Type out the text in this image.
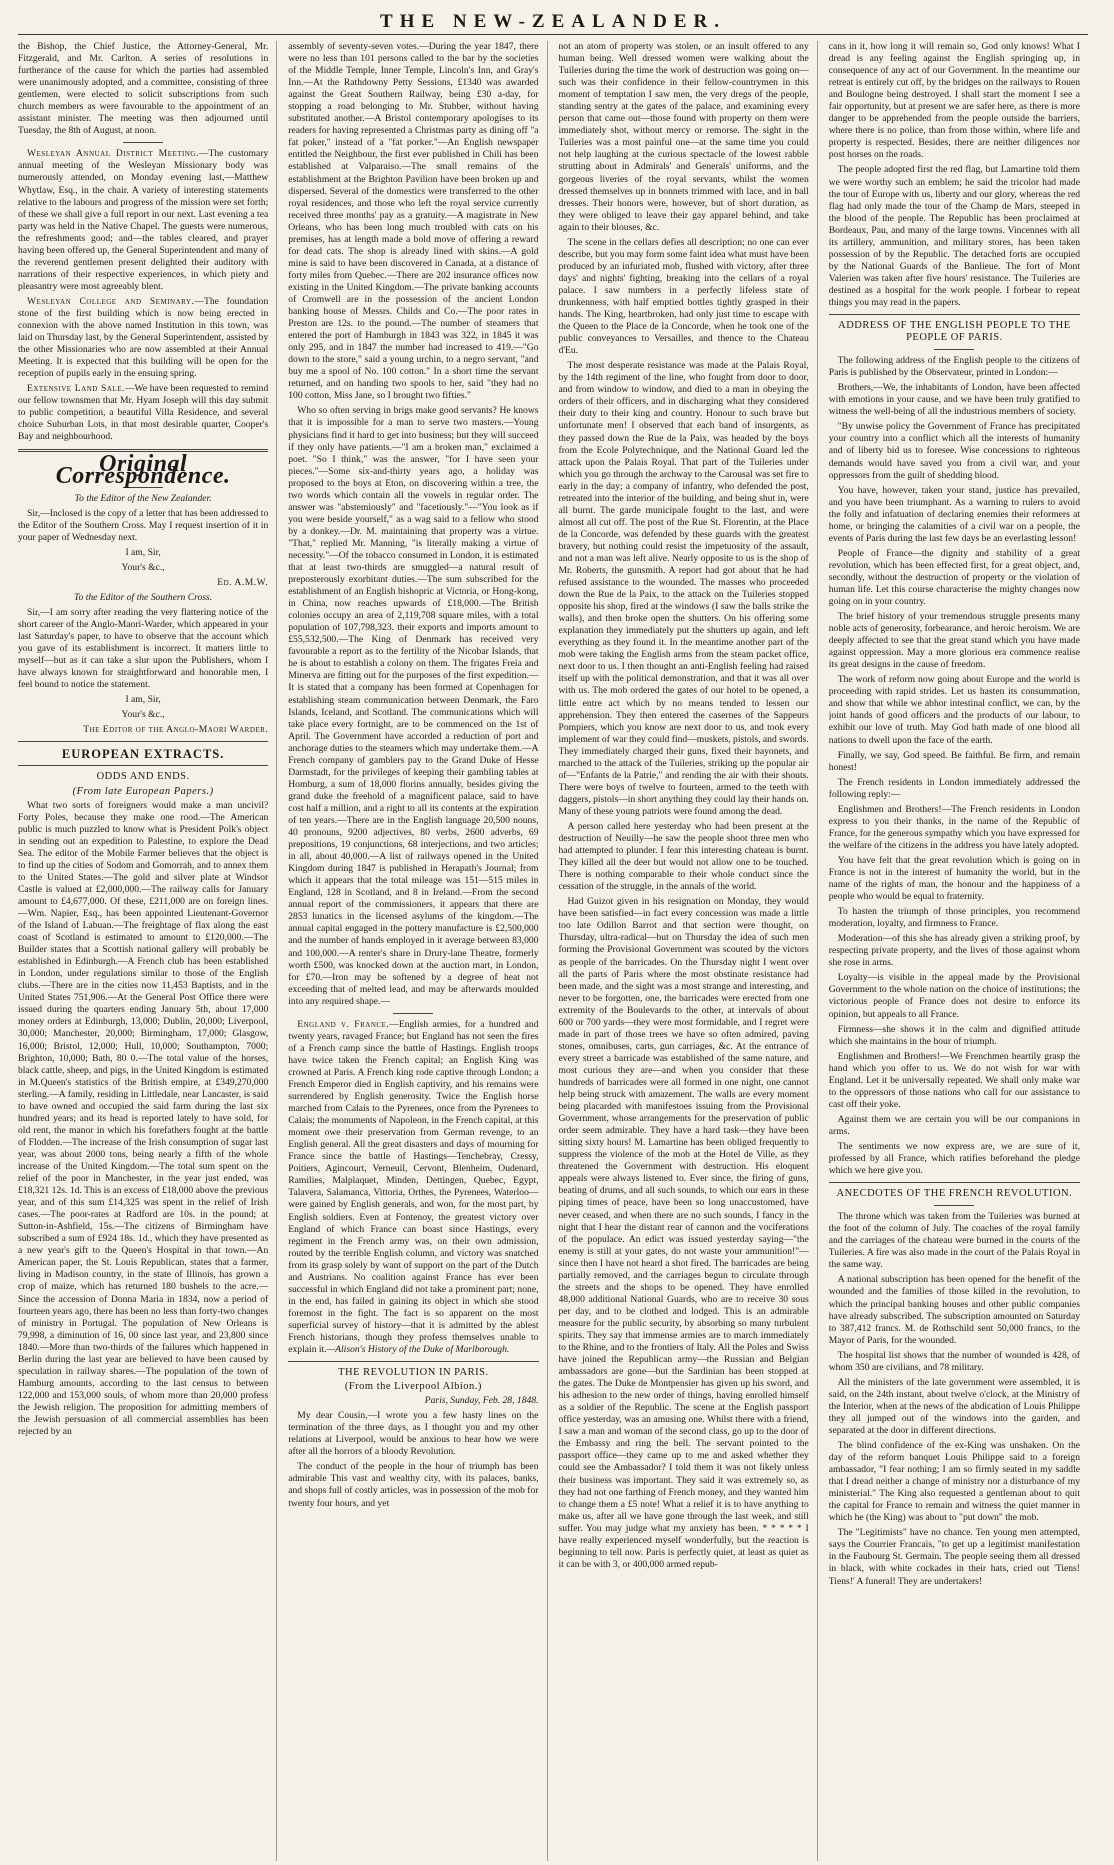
THE NEW-ZEALANDER.

the Bishop, the Chief Justice, the Attorney-General, Mr. Fitzgerald, and Mr. Carlton. A series of resolutions in furtherance of the cause for which the parties had assembled were unanimously adopted, and a committee, consisting of three gentlemen, were elected to solicit subscriptions from such church members as were favourable to the appointment of an assistant minister. The meeting was then adjourned until Tuesday, the 8th of August, at noon.

Wesleyan Annual District Meeting.—The customary annual meeting of the Wesleyan Missionary body was numerously attended, on Monday evening last,—Matthew Whytlaw, Esq., in the chair. A variety of interesting statements relative to the labours and progress of the mission were set forth; of these we shall give a full report in our next. Last evening a tea party was held in the Native Chapel. The guests were numerous, the refreshments good; and—the tables cleared, and prayer having been offered up, the General Superintendent and many of the reverend gentlemen present delighted their auditory with narrations of their respective experiences, in which piety and pleasantry were most agreeably blent.

Wesleyan College and Seminary.—The foundation stone of the first building which is now being erected in connexion with the above named Institution in this town, was laid on Thursday last, by the General Superintendent, assisted by the other Missionaries who are now assembled at their Annual Meeting. It is expected that this building will be open for the reception of pupils early in the ensuing spring.

Extensive Land Sale.—We have been requested to remind our fellow townsmen that Mr. Hyam Joseph will this day submit to public competition, a beautiful Villa Residence, and several choice Suburban Lots, in that most desirable quarter, Cooper's Bay and neighbourhood.

Original Correspondence.

To the Editor of the New Zealander.

Sir,—Inclosed is the copy of a letter that has been addressed to the Editor of the Southern Cross. May I request insertion of it in your paper of Wednesday next.

I am, Sir,

Your's &c.,

Ed. A.M.W.

To the Editor of the Southern Cross.

Sir,—I am sorry after reading the very flattering notice of the short career of the Anglo-Maori-Warder, which appeared in your last Saturday's paper, to have to observe that the account which you gave of its establishment is incorrect. It matters little to myself—but as it can take a slur upon the Publishers, whom I have always known for straightforward and honorable men, I feel bound to notice the statement.

I am, Sir,

Your's &c.,

The Editor of the Anglo-Maori Warder.

EUROPEAN EXTRACTS.
ODDS AND ENDS.
(From late European Papers.)

What two sorts of foreigners would make a man uncivil? Forty Poles, because they make one rood.—The American public is much puzzled to know what is President Polk's object in sending out an expedition to Palestine, to explore the Dead Sea. The editor of the Mobile Farmer believes that the object is to find up the cities of Sodom and Gomorrah, and to annex them to the United States.—The gold and silver plate at Windsor Castle is valued at £2,000,000.—The railway calls for January amount to £4,677,000. Of these, £211,000 are on foreign lines.—Wm. Napier, Esq., has been appointed Lieutenant-Governor of the Island of Labuan.—The freightage of flax along the east coast of Scotland is estimated to amount to £120,000.—The Builder states that a Scottish national gallery will probably be established in Edinburgh.—A French club has been established in London, under regulations similar to those of the English clubs.—There are in the cities now 11,453 Baptists, and in the United States 751,906.—At the General Post Office there were issued during the quarters ending January 5th, about 17,000 money orders at Edinburgh, 13,000; Dublin, 20,000; Liverpool, 30,000; Manchester, 20,000; Birmingham, 17,000; Glasgow, 16,000; Bristol, 12,000; Hull, 10,000; Southampton, 7000; Brighton, 10,000; Bath, 80 0.—The total value of the horses, black cattle, sheep, and pigs, in the United Kingdom is estimated in M.Queen's statistics of the British empire, at £349,270,000 sterling.—A family, residing in Littledale, near Lancaster, is said to have owned and occupied the said farm during the last six hundred years; and its head is reported lately to have sold, for old rent, the manor in which his forefathers fought at the battle of Flodden.—The increase of the Irish consumption of sugar last year, was about 2000 tons, being nearly a fifth of the whole increase of the United Kingdom.—The total sum spent on the relief of the poor in Manchester, in the year just ended, was £18,321 12s. 1d. This is an excess of £18,000 above the previous year, and of this sum £14,325 was spent in the relief of Irish cases.—The poor-rates at Radford are 10s. in the pound; at Sutton-in-Ashfield, 15s.—The citizens of Birmingham have subscribed a sum of £924 18s. 1d., which they have presented as a new year's gift to the Queen's Hospital in that town.—An American paper, the St. Louis Republican, states that a farmer, living in Madison country, in the state of Illinois, has grown a crop of maize, which has returned 180 bushels to the acre.—Since the accession of Donna Maria in 1834, now a period of fourteen years ago, there has been no less than forty-two changes of ministry in Portugal. The population of New Orleans is 79,998, a diminution of 16, 00 since last year, and 23,800 since 1840.—More than two-thirds of the failures which happened in Berlin during the last year are believed to have been caused by speculation in railway shares.—The population of the town of Hamburg amounts, according to the last census to between 122,000 and 153,000 souls, of whom more than 20,000 profess the Jewish religion. The proposition for admitting members of the Jewish persuasion of all commercial assemblies has been rejected by an

assembly of seventy-seven votes.—During the year 1847, there were no less than 101 persons called to the bar by the societies of the Middle Temple, Inner Temple, Lincoln's Inn, and Gray's Inn.—At the Rathdowny Petty Sessions, £1340 was awarded against the Great Southern Railway, being £30 a-day, for stopping a road belonging to Mr. Stubber, without having substituted another.—A Bristol contemporary apologises to its readers for having represented a Christmas party as dining off "a fat poker," instead of a "fat porker."—An English newspaper entitled the Neighbour, the first ever published in Chili has been established at Valparaiso.—The small remains of the establishment at the Brighton Pavilion have been broken up and dispersed. Several of the domestics were transferred to the other royal residences, and those who left the royal service currently received three months' pay as a gratuity.—A magistrate in New Orleans, who has been long much troubled with cats on his premises, has at length made a bold move of offering a reward for dead cats. The shop is already lined with skins.—A gold mine is said to have been discovered in Canada, at a distance of forty miles from Quebec.—There are 202 insurance offices now existing in the United Kingdom.—The private banking accounts of Cromwell are in the possession of the ancient London banking house of Messrs. Childs and Co.—The poor rates in Preston are 12s. to the pound.—The number of steamers that entered the port of Hamburgh in 1843 was 322, in 1845 it was only 295, and in 1847 the number had increased to 419.—"Go down to the store," said a young urchin, to a negro servant, "and buy me a spool of No. 100 cotton." In a short time the servant returned, and on handing two spools to her, said "they had no 100 cotton, Miss Jane, so I brought two fifties."

Who so often serving in brigs make good servants? He knows that it is impossible for a man to serve two masters.—Young physicians find it hard to get into business; but they will succeed if they only have patients.—"I am a broken man," exclaimed a poet. "So I think," was the answer, "for I have seen your pieces."—Some six-and-thirty years ago, a holiday was proposed to the boys at Eton, on discovering within a tree, the two words which contain all the vowels in regular order. The answer was "abstemiously" and "facetiously."—"You look as if you were beside yourself," as a wag said to a fellow who stood by a donkey.—Dr. M. maintaining that property was a virtue. "That," replied Mr. Manning, "is literally making a virtue of necessity."—Of the tobacco consumed in London, it is estimated that at least two-thirds are smuggled—a natural result of preposterously exorbitant duties.—The sum subscribed for the establishment of an English bishopric at Victoria, or Hong-kong, in China, now reaches upwards of £18,000.—The British colonies occupy an area of 2,119,708 square miles, with a total population of 107,798,323. their exports and imports amount to £55,532,500.—The King of Denmark has received very favourable a report as to the fertility of the Nicobar Islands, that he is about to establish a colony on them. The frigates Freia and Minerva are fitting out for the purposes of the first expedition.—It is stated that a company has been formed at Copenhagen for establishing steam communication between Denmark, the Faro Islands, Iceland, and Scotland. The communications which will take place every fortnight, are to be commenced on the 1st of April. The Government have accorded a reduction of port and anchorage duties to the steamers which may undertake them.—A French company of gamblers pay to the Grand Duke of Hesse Darmstadt, for the privileges of keeping their gambling tables at Homburg, a sum of 18,000 florins annually, besides giving the grand duke the freehold of a magnificent palace, said to have cost half a million, and a right to all its contents at the expiration of ten years.—There are in the English language 20,500 nouns, 40 pronouns, 9200 adjectives, 80 verbs, 2600 adverbs, 69 prepositions, 19 conjunctions, 68 interjections, and two articles; in all, about 40,000.—A list of railways opened in the United Kingdom during 1847 is published in Herapath's Journal; from which it appears that the total mileage was 151—515 miles in England, 128 in Scotland, and 8 in Ireland.—From the second annual report of the commissioners, it appears that there are 2853 lunatics in the licensed asylums of the kingdom.—The annual capital engaged in the pottery manufacture is £2,500,000 and the number of hands employed in it average between 83,000 and 100,000.—A renter's share in Drury-lane Theatre, formerly worth £500, was knocked down at the auction mart, in London, for £70.—Iron may be softened by a degree of heat not exceeding that of melted lead, and may be afterwards moulded into any required shape.—

England v. France.—English armies, for a hundred and twenty years, ravaged France; but England has not seen the fires of a French camp since the battle of Hastings. English troops have twice taken the French capital; an English King was crowned at Paris. A French king rode captive through London; a French Emperor died in English captivity, and his remains were surrendered by English generosity. Twice the English horse marched from Calais to the Pyrenees, once from the Pyrenees to Calais; the monuments of Napoleon, in the French capital, at this moment owe their preservation from German revenge, to an English general. All the great disasters and days of mourning for France since the battle of Hastings—Tenchebray, Cressy, Poitiers, Agincourt, Verneuil, Cervont, Blenheim, Oudenard, Ramilies, Malplaquet, Minden, Dettingen, Quebec, Egypt, Talavera, Salamanca, Vittoria, Orthes, the Pyrenees, Waterloo—were gained by English generals, and won, for the most part, by English soldiers. Even at Fontenoy, the greatest victory over England of which France can boast since Hastings, every regiment in the French army was, on their own admission, routed by the terrible English column, and victory was snatched from its grasp solely by want of support on the part of the Dutch and Austrians. No coalition against France has ever been successful in which England did not take a prominent part; none, in the end, has failed in gaining its object in which she stood foremost in the fight. The fact is so apparent on the most superficial survey of history—that it is admitted by the ablest French historians, though they profess themselves unable to explain it.—Alison's History of the Duke of Marlborough.

THE REVOLUTION IN PARIS.
(From the Liverpool Albion.)

Paris, Sunday, Feb. 28, 1848.

My dear Cousin,—I wrote you a few hasty lines on the termination of the three days, as I thought you and my other relations at Liverpool, would be anxious to hear how we were after all the horrors of a bloody Revolution.

The conduct of the people in the hour of triumph has been admirable This vast and wealthy city, with its palaces, banks, and shops full of costly articles, was in possession of the mob for twenty four hours, and yet

not an atom of property was stolen, or an insult offered to any human being. Well dressed women were walking about the Tuileries during the time the work of destruction was going on—such was their confidence in their fellow-countrymen in this moment of temptation I saw men, the very dregs of the people, standing sentry at the gates of the palace, and examining every person that came out—those found with property on them were immediately shot, without mercy or remorse. The sight in the Tuileries was a most painful one—at the same time you could not help laughing at the curious spectacle of the lowest rabble strutting about in Admirals' and Generals' uniforms, and the gorgeous liveries of the royal servants, whilst the women dressed themselves up in bonnets trimmed with lace, and in ball dresses. Their honors were, however, but of short duration, as they were obliged to leave their gay apparel behind, and take again to their blouses, &c.

The scene in the cellars defies all description; no one can ever describe, but you may form some faint idea what must have been produced by an infuriated mob, flushed with victory, after three days' and nights' fighting, breaking into the cellars of a royal palace. I saw numbers in a perfectly lifeless state of drunkenness, with half emptied bottles tightly grasped in their hands. The King, heartbroken, had only just time to escape with the Queen to the Place de la Concorde, when he took one of the public conveyances to Versailles, and thence to the Chateau d'Eu.

The most desperate resistance was made at the Palais Royal, by the 14th regiment of the line, who fought from door to door, and from window to window, and died to a man in obeying the orders of their officers, and in discharging what they considered their duty to their king and country. Honour to such brave but unfortunate men! I observed that each band of insurgents, as they passed down the Rue de la Paix, was headed by the boys from the Ecole Polytechnique, and the National Guard led the attack upon the Palais Royal. That part of the Tuileries under which you go through the archway to the Carousal was set fire to early in the day; a company of infantry, who defended the post, retreated into the interior of the building, and being shut in, were all burnt. The garde municipale fought to the last, and were almost all cut off. The post of the Rue St. Florentin, at the Place de la Concorde, was defended by these guards with the greatest bravery, but nothing could resist the impetuosity of the assault, and not a man was left alive. Nearly opposite to us is the shop of Mr. Roberts, the gunsmith. A report had got about that he had refused assistance to the wounded. The masses who proceeded down the Rue de la Paix, to the attack on the Tuileries stopped opposite his shop, fired at the windows (I saw the balls strike the walls), and then broke open the shutters. On his offering some explanation they immediately put the shutters up again, and left everything as they found it. In the meantime another part of the mob were taking the English arms from the steam packet office, next door to us. I then thought an anti-English feeling had raised itself up with the political demonstration, and that it was all over with us. The mob ordered the gates of our hotel to be opened, a little entre act which by no means tended to lessen our apprehension. They then entered the casernes of the Sappeurs Pompiers, which you know are next door to us, and took every implement of war they could find—muskets, pistols, and swords. They immediately charged their guns, fixed their bayonets, and marched to the attack of the Tuileries, striking up the popular air of—"Enfants de la Patrie," and rending the air with their shouts. There were boys of twelve to fourteen, armed to the teeth with daggers, pistols—in short anything they could lay their hands on. Many of these young patriots were found among the dead.

A person called here yesterday who had been present at the destruction of Neuilly—he saw the people shoot three men who had attempted to plunder. I fear this interesting chateau is burnt. They killed all the deer but would not allow one to be touched. There is nothing comparable to their whole conduct since the cessation of the struggle, in the annals of the world.

Had Guizot given in his resignation on Monday, they would have been satisfied—in fact every concession was made a little too late Odillon Barrot and that section were thought, on Thursday, ultra-radical—but on Thursday the idea of such men forming the Provisional Government was scouted by the victors as people of the barricades. On the Thursday night I went over all the parts of Paris where the most obstinate resistance had been made, and the sight was a most strange and interesting, and never to be forgotten, one, the barricades were erected from one extremity of the Boulevards to the other, at intervals of about 600 or 700 yards—they were most formidable, and I regret were made in part of those trees we have so often admired, paving stones, omnibuses, carts, gun carriages, &c. At the entrance of every street a barricade was established of the same nature, and most curious they are—and when you consider that these hundreds of barricades were all formed in one night, one cannot help being struck with amazement. The walls are every moment being placarded with manifestoes issuing from the Provisional Government, whose arrangements for the preservation of public order seem admirable. They have a hard task—they have been sitting sixty hours! M. Lamartine has been obliged frequently to suppress the violence of the mob at the Hotel de Ville, as they threatened the Government with destruction. His eloquent appeals were always listened to. Ever since, the firing of guns, beating of drums, and all such sounds, to which our ears in these piping times of peace, have been so long unaccustomed, have never ceased, and when there are no such sounds, I fancy in the night that I hear the distant rear of cannon and the vociferations of the populace. An edict was issued yesterday saying—"the enemy is still at your gates, do not waste your ammunition!"—since then I have not heard a shot fired. The barricades are being partially removed, and the carriages begun to circulate through the streets and the shops to be opened. They have enrolled 48,000 additional National Guards, who are to receive 30 sous per day, and to be clothed and lodged. This is an admirable measure for the public security, by absorbing so many turbulent spirits. They say that immense armies are to march immediately to the Rhine, and to the frontiers of Italy. All the Poles and Swiss have joined the Republican army—the Russian and Belgian ambassadors are gone—but the Sardinian has been stopped at the gates. The Duke de Montpensier has given up his sword, and his adhesion to the new order of things, having enrolled himself as a soldier of the Republic. The scene at the English passport office yesterday, was an amusing one. Whilst there with a friend, I saw a man and woman of the second class, go up to the door of the Embassy and ring the bell. The servant pointed to the passport office—they came up to me and asked whether they could see the Ambassador? I told them it was not likely unless their business was important. They said it was extremely so, as they had not one farthing of French money, and they wanted him to change them a £5 note! What a relief it is to have anything to make us, after all we have gone through the last week, and still suffer. You may judge what my anxiety has been. * * * * * I have really experienced myself wonderfully, but the reaction is beginning to tell now. Paris is perfectly quiet, at least as quiet as it can be with 3, or 400,000 armed repub-

cans in it, how long it will remain so, God only knows! What I dread is any feeling against the English springing up, in consequence of any act of our Government. In the meantime our retreat is entirely cut off, by the bridges on the railways to Rouen and Boulogne being destroyed. I shall start the moment I see a fair opportunity, but at present we are safer here, as there is more danger to be apprehended from the people outside the barriers, where there is no police, than from those within, where life and property is respected. Besides, there are neither diligences nor post horses on the roads.

The people adopted first the red flag, but Lamartine told them we were worthy such an emblem; he said the tricolor had made the tour of Europe with us, liberty and our glory, whereas the red flag had only made the tour of the Champ de Mars, steeped in the blood of the people. The Republic has been proclaimed at Bordeaux, Pau, and many of the large towns. Vincennes with all its artillery, ammunition, and military stores, has been taken possession of by the Republic. The detached forts are occupied by the National Guards of the Banlieue. The fort of Mont Valerien was taken after five hours' resistance. The Tuileries are destined as a hospital for the work people. I forbear to repeat things you may read in the papers.

ADDRESS OF THE ENGLISH PEOPLE TO THE PEOPLE OF PARIS.

The following address of the English people to the citizens of Paris is published by the Observateur, printed in London:—

Brothers,—We, the inhabitants of London, have been affected with emotions in your cause, and we have been truly gratified to witness the well-being of all the industrious members of society.

"By unwise policy the Government of France has precipitated your country into a conflict which all the interests of humanity and of liberty bid us to foresee. Wise concessions to righteous demands would have saved you from a civil war, and your oppressors from the guilt of shedding blood.

You have, however, taken your stand, justice has prevailed, and you have been triumphant. As a warning to rulers to avoid the folly and infatuation of declaring enemies their reformers at home, or bringing the calamities of a civil war on a people, the events of Paris during the last few days be an everlasting lesson!

People of France—the dignity and stability of a great revolution, which has been effected first, for a great object, and, secondly, without the destruction of property or the violation of human life. Let this course characterise the mighty changes now going on in your country.

The brief history of your tremendous struggle presents many noble acts of generosity, forbearance, and heroic heroism. We are deeply affected to see that the great stand which you have made against oppression. May a more glorious era commence realise its great designs in the cause of freedom.

The work of reform now going about Europe and the world is proceeding with rapid strides. Let us hasten its consummation, and show that while we abhor intestinal conflict, we can, by the joint hands of good officers and the products of our labour, to exhibit our love of truth. May God bath made of one blood all nations to dwell upon the face of the earth.

Finally, we say, God speed. Be faithful. Be firm, and remain honest!

The French residents in London immediately addressed the following reply:—

Englishmen and Brothers!—The French residents in London express to you their thanks, in the name of the Republic of France, for the generous sympathy which you have expressed for the welfare of the citizens in the address you have lately adopted.

You have felt that the great revolution which is going on in France is not in the interest of humanity the world, but in the name of the rights of man, the honour and the happiness of a people who would be equal to fraternity.

To hasten the triumph of those principles, you recommend moderation, loyalty, and firmness to France.

Moderation—of this she has already given a striking proof, by respecting private property, and the lives of those against whom she rose in arms.

Loyalty—is visible in the appeal made by the Provisional Government to the whole nation on the choice of institutions; the victorious people of France does not desire to enforce its opinion, but appeals to all France.

Firmness—she shows it in the calm and dignified attitude which she maintains in the hour of triumph.

Englishmen and Brothers!—We Frenchmen heartily grasp the hand which you offer to us. We do not wish for war with England. Let it be universally repeated. We shall only make war to the oppressors of those nations who call for our assistance to cast off their yoke.

Against them we are certain you will be our companions in arms.

The sentiments we now express are, we are sure of it, professed by all France, which ratifies beforehand the pledge which we here give you.

ANECDOTES OF THE FRENCH REVOLUTION.

The throne which was taken from the Tuileries was burned at the foot of the column of July. The coaches of the royal family and the carriages of the chateau were burned in the courts of the Tuileries. A fire was also made in the court of the Palais Royal in the same way.

A national subscription has been opened for the benefit of the wounded and the families of those killed in the revolution, to which the principal banking houses and other public companies have already subscribed. The subscription amounted on Saturday to 387,412 francs. M. de Rothschild sent 50,000 francs, to the Mayor of Paris, for the wounded.

The hospital list shows that the number of wounded is 428, of whom 350 are civilians, and 78 military.

All the ministers of the late government were assembled, it is said, on the 24th instant, about twelve o'clock, at the Ministry of the Interior, when at the news of the abdication of Louis Philippe they all jumped out of the windows into the garden, and separated at the door in different directions.

The blind confidence of the ex-King was unshaken. On the day of the reform banquet Louis Philippe said to a foreign ambassador, "I fear nothing; I am so firmly seated in my saddle that I dread neither a change of ministry nor a disturbance of my ministerial." The King also requested a gentleman about to quit the capital for France to remain and witness the quiet manner in which he (the King) was about to "put down" the mob.

The "Legitimists" have no chance. Ten young men attempted, says the Courrier Francais, "to get up a legitimist manifestation in the Faubourg St. Germain. The people seeing them all dressed in black, with white cockades in their hats, cried out 'Tiens! Tiens!' A funeral! They are undertakers!
